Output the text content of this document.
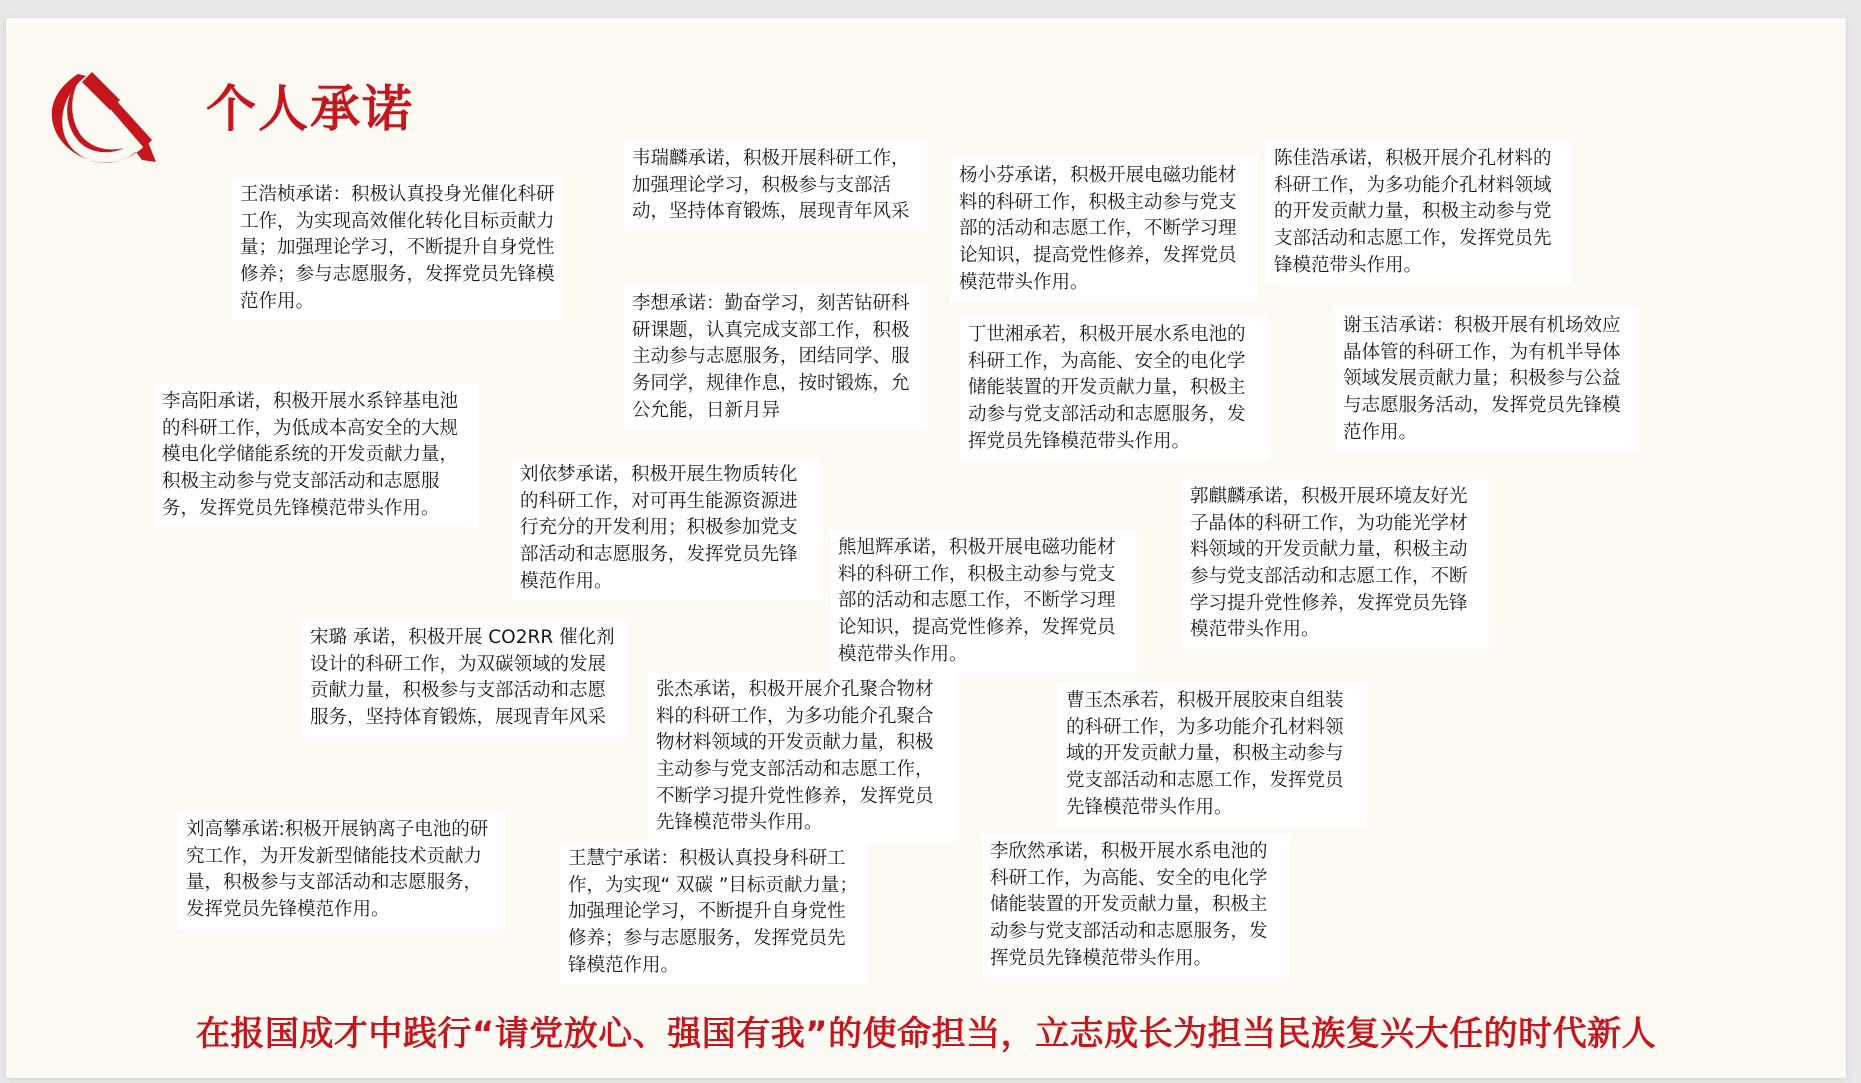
个人承诺
王浩桢承诺：积极认真投身光催化科研工作，为实现高效催化转化目标贡献力量；加强理论学习，不断提升自身党性修养；参与志愿服务，发挥党员先锋模范作用。
韦瑞麟承诺，积极开展科研工作，加强理论学习，积极参与支部活动，坚持体育锻炼，展现青年风采
杨小芬承诺，积极开展电磁功能材料的科研工作，积极主动参与党支部的活动和志愿工作，不断学习理论知识，提高党性修养，发挥党员模范带头作用。
陈佳浩承诺，积极开展介孔材料的科研工作，为多功能介孔材料领域的开发贡献力量，积极主动参与党支部活动和志愿工作，发挥党员先锋模范带头作用。
李想承诺：勤奋学习，刻苦钻研科研课题，认真完成支部工作，积极主动参与志愿服务，团结同学、服务同学，规律作息，按时锻炼，允公允能，日新月异
丁世湘承若，积极开展水系电池的科研工作，为高能、安全的电化学储能装置的开发贡献力量，积极主动参与党支部活动和志愿服务，发挥党员先锋模范带头作用。
谢玉洁承诺：积极开展有机场效应晶体管的科研工作，为有机半导体领域发展贡献力量；积极参与公益与志愿服务活动，发挥党员先锋模范作用。
李高阳承诺，积极开展水系锌基电池的科研工作，为低成本高安全的大规模电化学储能系统的开发贡献力量，积极主动参与党支部活动和志愿服务，发挥党员先锋模范带头作用。
刘依梦承诺，积极开展生物质转化的科研工作，对可再生能源资源进行充分的开发利用；积极参加党支部活动和志愿服务，发挥党员先锋模范作用。
郭麒麟承诺，积极开展环境友好光子晶体的科研工作，为功能光学材料领域的开发贡献力量，积极主动参与党支部活动和志愿工作，不断学习提升党性修养，发挥党员先锋模范带头作用。
熊旭辉承诺，积极开展电磁功能材料的科研工作，积极主动参与党支部的活动和志愿工作，不断学习理论知识，提高党性修养，发挥党员模范带头作用。
宋璐 承诺，积极开展 CO2RR 催化剂设计的科研工作，为双碳领域的发展贡献力量，积极参与支部活动和志愿服务，坚持体育锻炼，展现青年风采
张杰承诺，积极开展介孔聚合物材料的科研工作，为多功能介孔聚合物材料领域的开发贡献力量，积极主动参与党支部活动和志愿工作，不断学习提升党性修养，发挥党员先锋模范带头作用。
曹玉杰承若，积极开展胶束自组装的科研工作，为多功能介孔材料领域的开发贡献力量，积极主动参与党支部活动和志愿工作，发挥党员先锋模范带头作用。
刘高攀承诺:积极开展钠离子电池的研究工作，为开发新型储能技术贡献力量，积极参与支部活动和志愿服务，发挥党员先锋模范作用。
王慧宁承诺：积极认真投身科研工作，为实现“ 双碳 ”目标贡献力量；加强理论学习，不断提升自身党性修养；参与志愿服务，发挥党员先锋模范作用。
李欣然承诺，积极开展水系电池的科研工作，为高能、安全的电化学储能装置的开发贡献力量，积极主动参与党支部活动和志愿服务，发挥党员先锋模范带头作用。
在报国成才中践行“请党放心、强国有我”的使命担当，立志成长为担当民族复兴大任的时代新人
